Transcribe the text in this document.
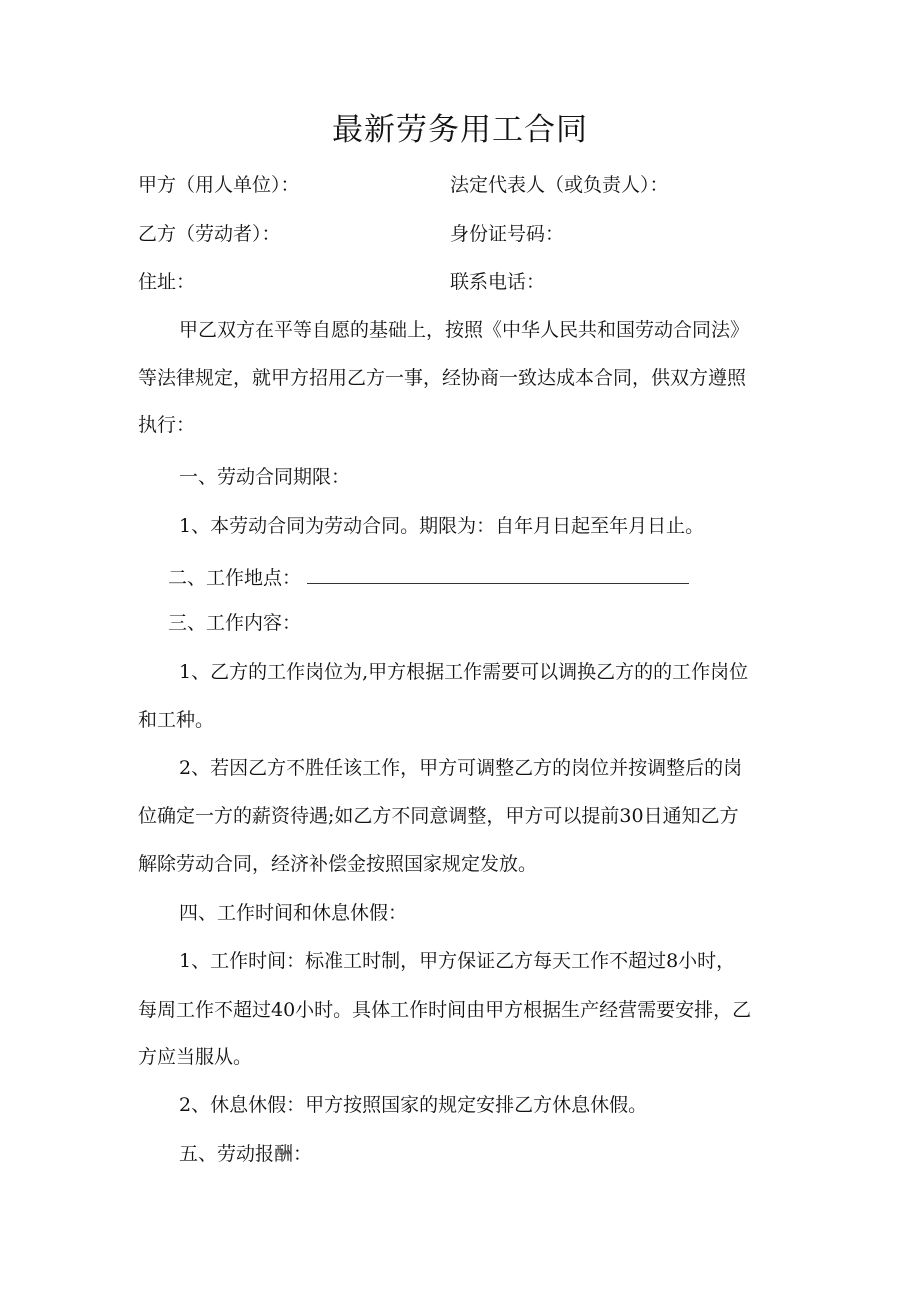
最新劳务用工合同
甲方（用人单位）：	法定代表人（或负责人）：
乙方（劳动者）：	身份证号码：
住址：	联系电话：
甲乙双方在平等自愿的基础上，按照《中华人民共和国劳动合同法》
等法律规定，就甲方招用乙方一事，经协商一致达成本合同，供双方遵照
执行：
一、劳动合同期限：
1、本劳动合同为劳动合同。期限为：自年月日起至年月日止。
二、工作地点：
三、工作内容：
1、乙方的工作岗位为,甲方根据工作需要可以调换乙方的的工作岗位
和工种。
2、若因乙方不胜任该工作，甲方可调整乙方的岗位并按调整后的岗
位确定一方的薪资待遇;如乙方不同意调整，甲方可以提前30日通知乙方
解除劳动合同，经济补偿金按照国家规定发放。
四、工作时间和休息休假：
1、工作时间：标准工时制，甲方保证乙方每天工作不超过8小时，
每周工作不超过40小时。具体工作时间由甲方根据生产经营需要安排，乙
方应当服从。
2、休息休假：甲方按照国家的规定安排乙方休息休假。
五、劳动报酬：
